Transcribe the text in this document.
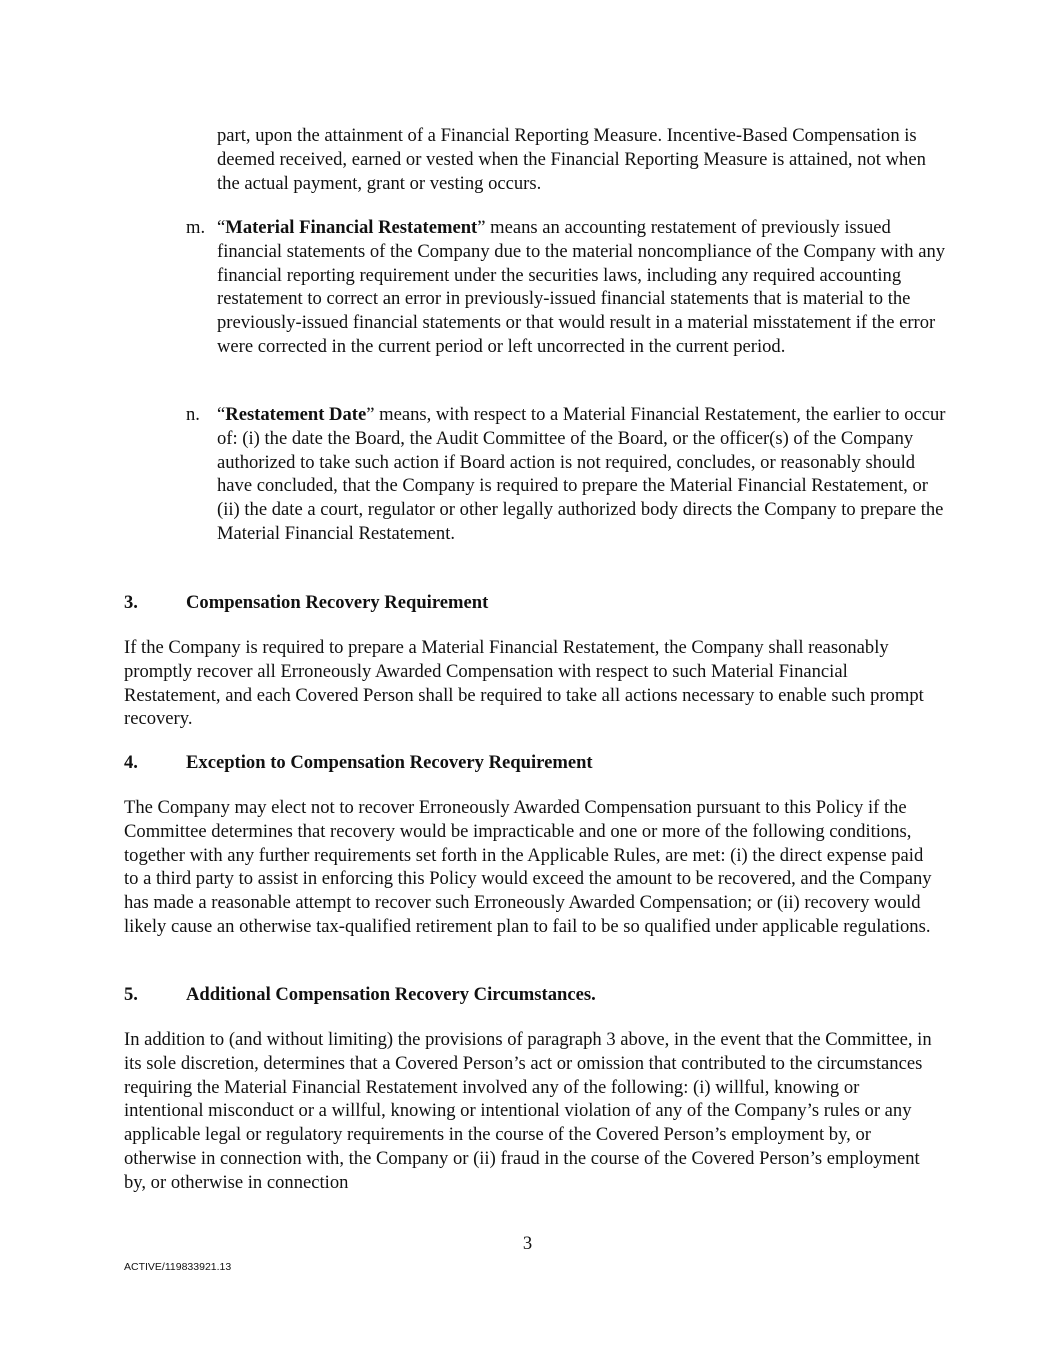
part, upon the attainment of a Financial Reporting Measure. Incentive-Based Compensation is deemed received, earned or vested when the Financial Reporting Measure is attained, not when the actual payment, grant or vesting occurs.

m. “Material Financial Restatement” means an accounting restatement of previously issued financial statements of the Company due to the material noncompliance of the Company with any financial reporting requirement under the securities laws, including any required accounting restatement to correct an error in previously-issued financial statements that is material to the previously-issued financial statements or that would result in a material misstatement if the error were corrected in the current period or left uncorrected in the current period.
n. “Restatement Date” means, with respect to a Material Financial Restatement, the earlier to occur of: (i) the date the Board, the Audit Committee of the Board, or the officer(s) of the Company authorized to take such action if Board action is not required, concludes, or reasonably should have concluded, that the Company is required to prepare the Material Financial Restatement, or (ii) the date a court, regulator or other legally authorized body directs the Company to prepare the Material Financial Restatement.
3.	Compensation Recovery Requirement

If the Company is required to prepare a Material Financial Restatement, the Company shall reasonably promptly recover all Erroneously Awarded Compensation with respect to such Material Financial Restatement, and each Covered Person shall be required to take all actions necessary to enable such prompt recovery.

4.	Exception to Compensation Recovery Requirement

The Company may elect not to recover Erroneously Awarded Compensation pursuant to this Policy if the Committee determines that recovery would be impracticable and one or more of the following conditions, together with any further requirements set forth in the Applicable Rules, are met: (i) the direct expense paid to a third party to assist in enforcing this Policy would exceed the amount to be recovered, and the Company has made a reasonable attempt to recover such Erroneously Awarded Compensation; or (ii) recovery would likely cause an otherwise tax-qualified retirement plan to fail to be so qualified under applicable regulations.

5.	Additional Compensation Recovery Circumstances.

In addition to (and without limiting) the provisions of paragraph 3 above, in the event that the Committee, in its sole discretion, determines that a Covered Person’s act or omission that contributed to the circumstances requiring the Material Financial Restatement involved any of the following: (i) willful, knowing or intentional misconduct or a willful, knowing or intentional violation of any of the Company’s rules or any applicable legal or regulatory requirements in the course of the Covered Person’s employment by, or otherwise in connection with, the Company or (ii) fraud in the course of the Covered Person’s employment by, or otherwise in connection

3
ACTIVE/119833921.13
